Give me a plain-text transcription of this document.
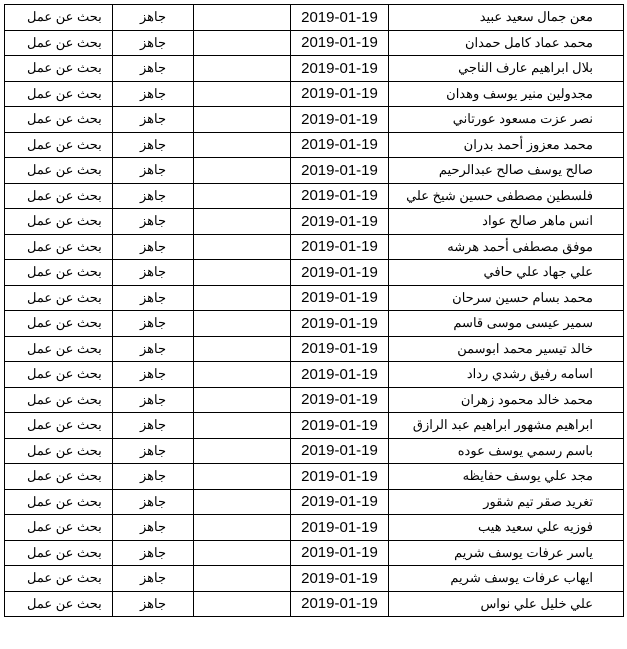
بحث عن عمل	جاهز		2019-01-19	معن جمال سعيد عبيد
بحث عن عمل	جاهز		2019-01-19	محمد عماد كامل حمدان
بحث عن عمل	جاهز		2019-01-19	بلال ابراهيم عارف الناجي
بحث عن عمل	جاهز		2019-01-19	مجدولين منير يوسف وهدان
بحث عن عمل	جاهز		2019-01-19	نصر عزت مسعود عورتاني
بحث عن عمل	جاهز		2019-01-19	محمد معزوز أحمد بدران
بحث عن عمل	جاهز		2019-01-19	صالح يوسف صالح عبدالرحيم
بحث عن عمل	جاهز		2019-01-19	فلسطين مصطفى حسين شيخ علي
بحث عن عمل	جاهز		2019-01-19	انس ماهر صالح عواد
بحث عن عمل	جاهز		2019-01-19	موفق مصطفى أحمد هرشه
بحث عن عمل	جاهز		2019-01-19	علي جهاد علي حافي
بحث عن عمل	جاهز		2019-01-19	محمد بسام حسين سرحان
بحث عن عمل	جاهز		2019-01-19	سمير عيسى موسى قاسم
بحث عن عمل	جاهز		2019-01-19	خالد تيسير محمد ابوسمن
بحث عن عمل	جاهز		2019-01-19	اسامه رفيق رشدي رداد
بحث عن عمل	جاهز		2019-01-19	محمد خالد محمود زهران
بحث عن عمل	جاهز		2019-01-19	ابراهيم مشهور ابراهيم عبد الرازق
بحث عن عمل	جاهز		2019-01-19	باسم رسمي يوسف عوده
بحث عن عمل	جاهز		2019-01-19	مجد علي يوسف حفايظه
بحث عن عمل	جاهز		2019-01-19	تغريد صقر تيم شقور
بحث عن عمل	جاهز		2019-01-19	فوزيه علي سعيد هيب
بحث عن عمل	جاهز		2019-01-19	ياسر عرفات يوسف شريم
بحث عن عمل	جاهز		2019-01-19	ايهاب عرفات يوسف شريم
بحث عن عمل	جاهز		2019-01-19	علي خليل علي نواس
